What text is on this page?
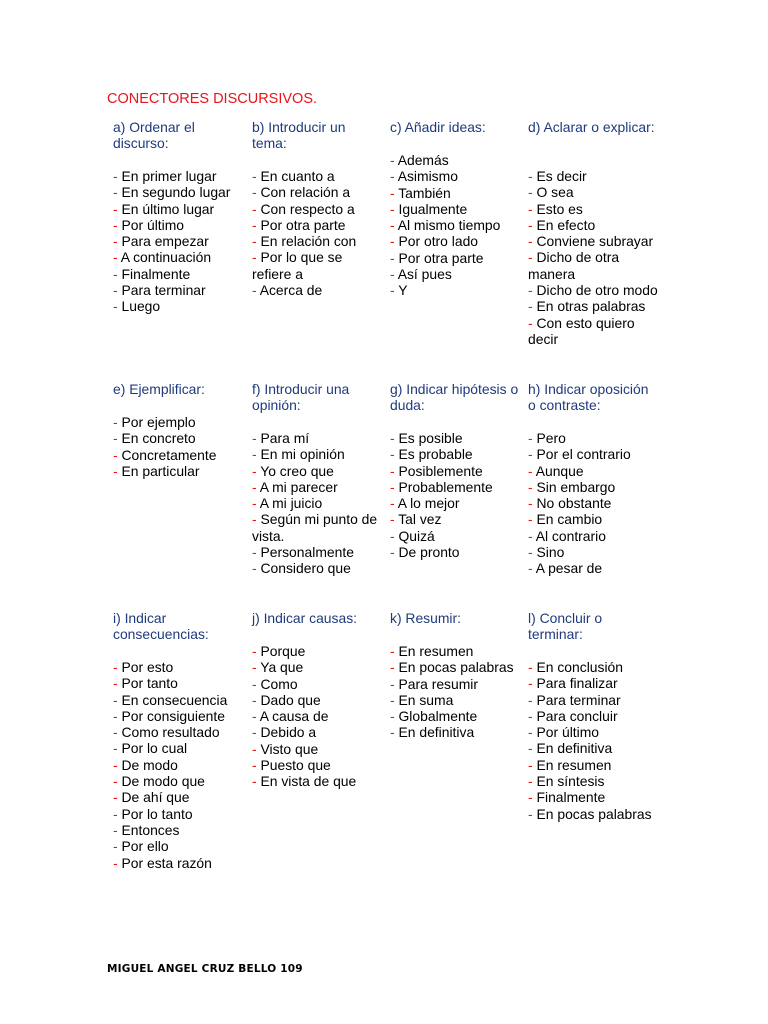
CONECTORES DISCURSIVOS.

a) Ordenar el discurso:

- En primer lugar
- En segundo lugar
- En último lugar
- Por último
- Para empezar
- A continuación
- Finalmente
- Para terminar
- Luego

b) Introducir un tema:

- En cuanto a
- Con relación a
- Con respecto a
- Por otra parte
- En relación con
- Por lo que se refiere a
- Acerca de

c) Añadir ideas:

- Además
- Asimismo
- También
- Igualmente
- Al mismo tiempo
- Por otro lado
- Por otra parte
- Así pues
- Y

d) Aclarar o explicar:

- Es decir
- O sea
- Esto es
- En efecto
- Conviene subrayar
- Dicho de otra manera
- Dicho de otro modo
- En otras palabras
- Con esto quiero decir

e) Ejemplificar:

- Por ejemplo
- En concreto
- Concretamente
- En particular

f) Introducir una opinión:

- Para mí
- En mi opinión
- Yo creo que
- A mi parecer
- A mi juicio
- Según mi punto de vista.
- Personalmente
- Considero que

g) Indicar hipótesis o duda:

- Es posible
- Es probable
- Posiblemente
- Probablemente
- A lo mejor
- Tal vez
- Quizá
- De pronto

h) Indicar oposición o contraste:

- Pero
- Por el contrario
- Aunque
- Sin embargo
- No obstante
- En cambio
- Al contrario
- Sino
- A pesar de

i) Indicar consecuencias:

- Por esto
- Por tanto
- En consecuencia
- Por consiguiente
- Como resultado
- Por lo cual
- De modo
- De modo que
- De ahí que
- Por lo tanto
- Entonces
- Por ello
- Por esta razón

j) Indicar causas:

- Porque
- Ya que
- Como
- Dado que
- A causa de
- Debido a
- Visto que
- Puesto que
- En vista de que

k) Resumir:

- En resumen
- En pocas palabras
- Para resumir
- En suma
- Globalmente
- En definitiva

l) Concluir o terminar:

- En conclusión
- Para finalizar
- Para terminar
- Para concluir
- Por último
- En definitiva
- En resumen
- En síntesis
- Finalmente
- En pocas palabras
MIGUEL ANGEL CRUZ BELLO 109
